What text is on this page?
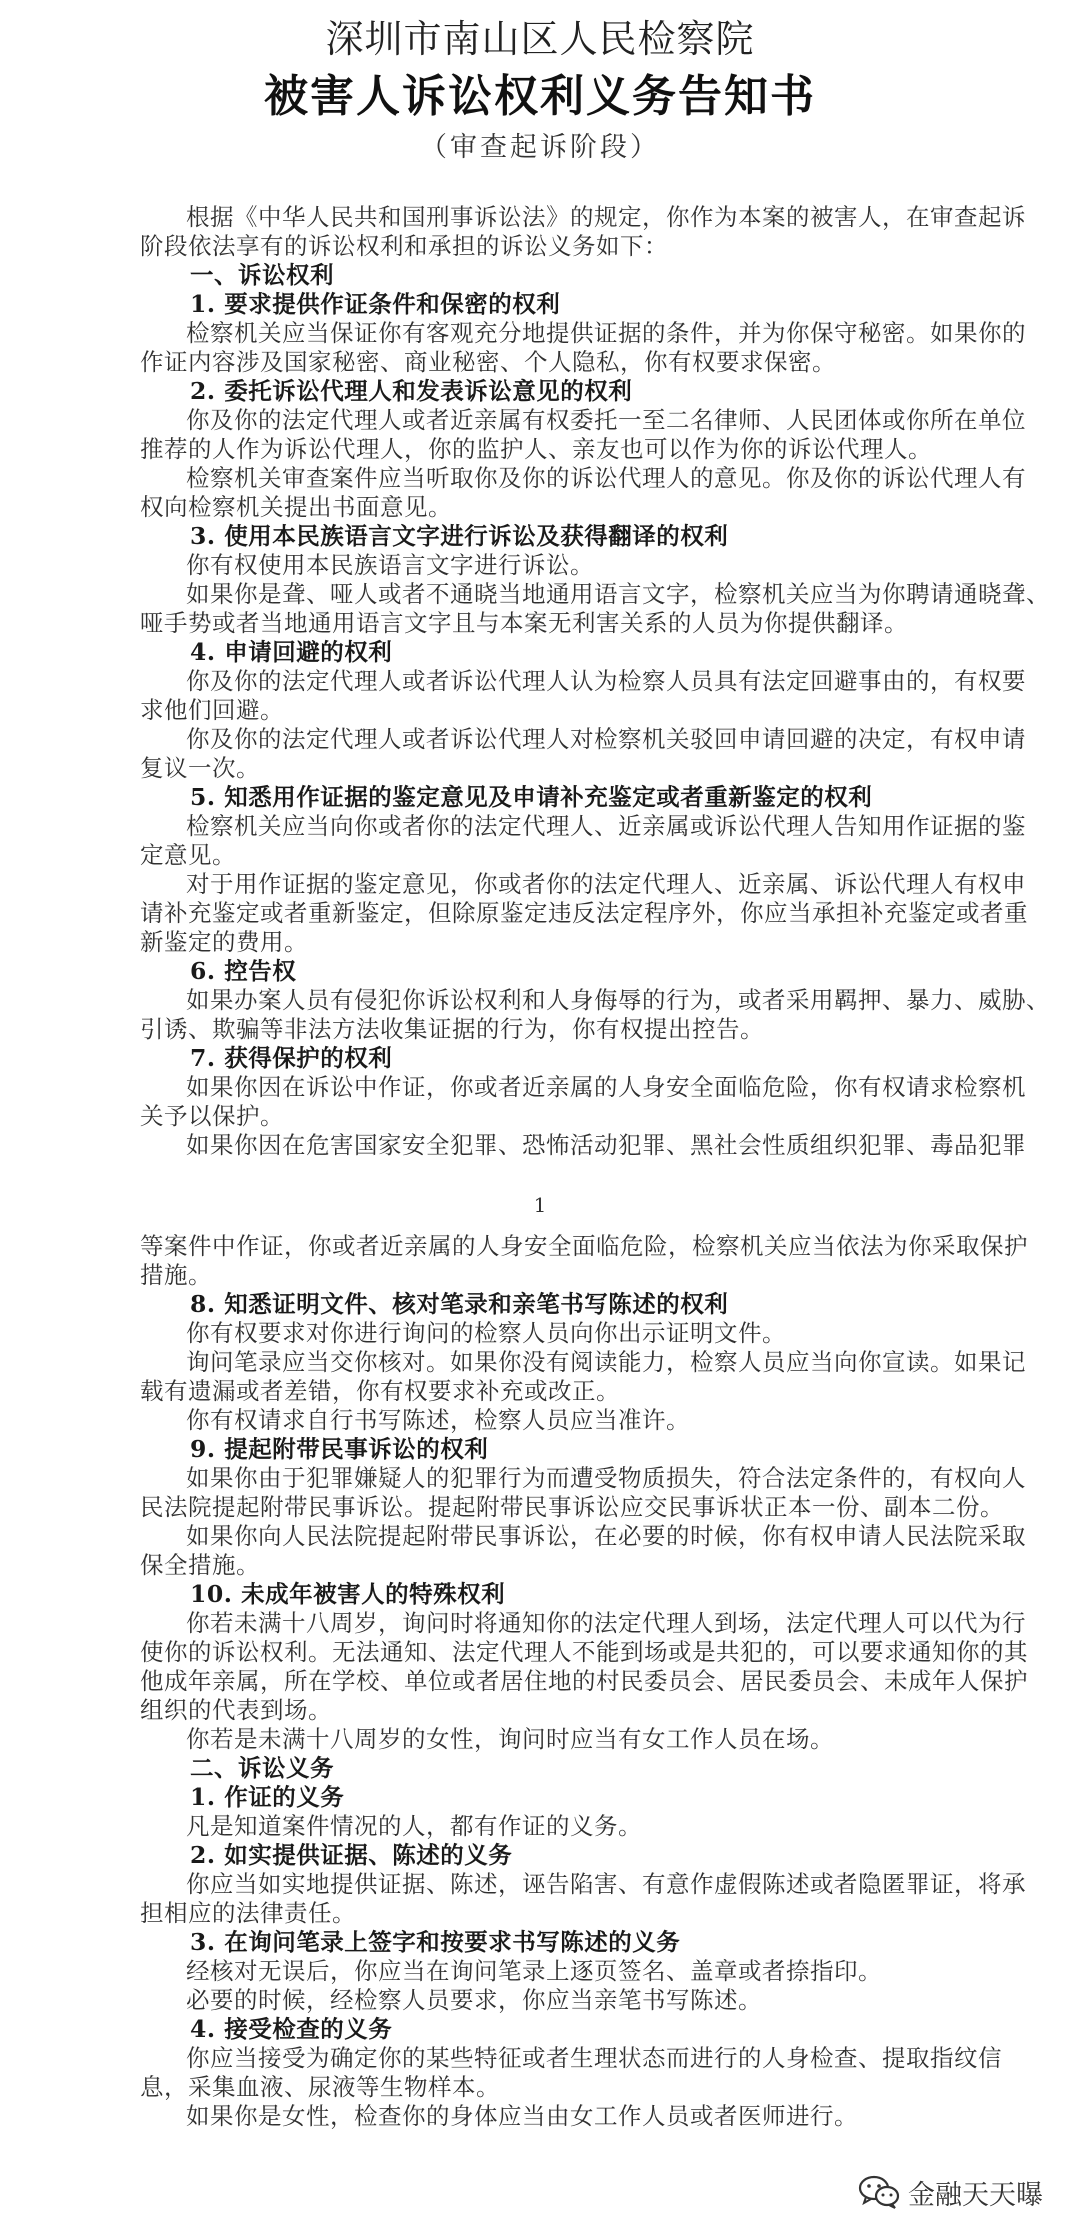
深圳市南山区人民检察院
被害人诉讼权利义务告知书
（审查起诉阶段）
根据《中华人民共和国刑事诉讼法》的规定，你作为本案的被害人，在审查起诉
阶段依法享有的诉讼权利和承担的诉讼义务如下：
一、诉讼权利
1. 要求提供作证条件和保密的权利
检察机关应当保证你有客观充分地提供证据的条件，并为你保守秘密。如果你的
作证内容涉及国家秘密、商业秘密、个人隐私，你有权要求保密。
2. 委托诉讼代理人和发表诉讼意见的权利
你及你的法定代理人或者近亲属有权委托一至二名律师、人民团体或你所在单位
推荐的人作为诉讼代理人，你的监护人、亲友也可以作为你的诉讼代理人。
检察机关审查案件应当听取你及你的诉讼代理人的意见。你及你的诉讼代理人有
权向检察机关提出书面意见。
3. 使用本民族语言文字进行诉讼及获得翻译的权利
你有权使用本民族语言文字进行诉讼。
如果你是聋、哑人或者不通晓当地通用语言文字，检察机关应当为你聘请通晓聋、
哑手势或者当地通用语言文字且与本案无利害关系的人员为你提供翻译。
4. 申请回避的权利
你及你的法定代理人或者诉讼代理人认为检察人员具有法定回避事由的，有权要
求他们回避。
你及你的法定代理人或者诉讼代理人对检察机关驳回申请回避的决定，有权申请
复议一次。
5. 知悉用作证据的鉴定意见及申请补充鉴定或者重新鉴定的权利
检察机关应当向你或者你的法定代理人、近亲属或诉讼代理人告知用作证据的鉴
定意见。
对于用作证据的鉴定意见，你或者你的法定代理人、近亲属、诉讼代理人有权申
请补充鉴定或者重新鉴定，但除原鉴定违反法定程序外，你应当承担补充鉴定或者重
新鉴定的费用。
6. 控告权
如果办案人员有侵犯你诉讼权利和人身侮辱的行为，或者采用羁押、暴力、威胁、
引诱、欺骗等非法方法收集证据的行为，你有权提出控告。
7. 获得保护的权利
如果你因在诉讼中作证，你或者近亲属的人身安全面临危险，你有权请求检察机
关予以保护。
如果你因在危害国家安全犯罪、恐怖活动犯罪、黑社会性质组织犯罪、毒品犯罪
1
等案件中作证，你或者近亲属的人身安全面临危险，检察机关应当依法为你采取保护
措施。
8. 知悉证明文件、核对笔录和亲笔书写陈述的权利
你有权要求对你进行询问的检察人员向你出示证明文件。
询问笔录应当交你核对。如果你没有阅读能力，检察人员应当向你宣读。如果记
载有遗漏或者差错，你有权要求补充或改正。
你有权请求自行书写陈述，检察人员应当准许。
9. 提起附带民事诉讼的权利
如果你由于犯罪嫌疑人的犯罪行为而遭受物质损失，符合法定条件的，有权向人
民法院提起附带民事诉讼。提起附带民事诉讼应交民事诉状正本一份、副本二份。
如果你向人民法院提起附带民事诉讼，在必要的时候，你有权申请人民法院采取
保全措施。
10. 未成年被害人的特殊权利
你若未满十八周岁，询问时将通知你的法定代理人到场，法定代理人可以代为行
使你的诉讼权利。无法通知、法定代理人不能到场或是共犯的，可以要求通知你的其
他成年亲属，所在学校、单位或者居住地的村民委员会、居民委员会、未成年人保护
组织的代表到场。
你若是未满十八周岁的女性，询问时应当有女工作人员在场。
二、诉讼义务
1. 作证的义务
凡是知道案件情况的人，都有作证的义务。
2. 如实提供证据、陈述的义务
你应当如实地提供证据、陈述，诬告陷害、有意作虚假陈述或者隐匿罪证，将承
担相应的法律责任。
3. 在询问笔录上签字和按要求书写陈述的义务
经核对无误后，你应当在询问笔录上逐页签名、盖章或者捺指印。
必要的时候，经检察人员要求，你应当亲笔书写陈述。
4. 接受检查的义务
你应当接受为确定你的某些特征或者生理状态而进行的人身检查、提取指纹信
息，采集血液、尿液等生物样本。
如果你是女性，检查你的身体应当由女工作人员或者医师进行。
金融天天曝
